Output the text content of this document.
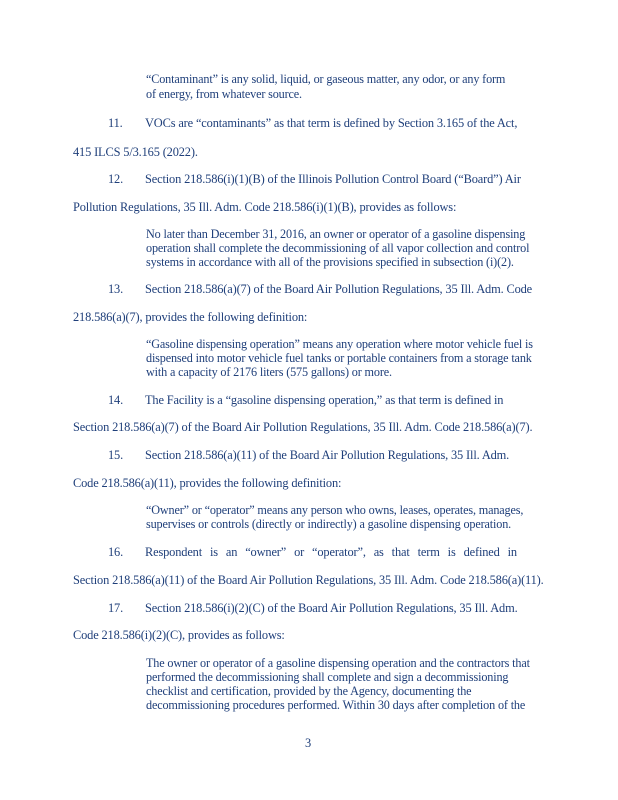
“Contaminant” is any solid, liquid, or gaseous matter, any odor, or any form
of energy, from whatever source.
11. VOCs are “contaminants” as that term is defined by Section 3.165 of the Act,
415 ILCS 5/3.165 (2022).
12. Section 218.586(i)(1)(B) of the Illinois Pollution Control Board (“Board”) Air
Pollution Regulations, 35 Ill. Adm. Code 218.586(i)(1)(B), provides as follows:
No later than December 31, 2016, an owner or operator of a gasoline dispensing
operation shall complete the decommissioning of all vapor collection and control
systems in accordance with all of the provisions specified in subsection (i)(2).
13. Section 218.586(a)(7) of the Board Air Pollution Regulations, 35 Ill. Adm. Code
218.586(a)(7), provides the following definition:
“Gasoline dispensing operation” means any operation where motor vehicle fuel is
dispensed into motor vehicle fuel tanks or portable containers from a storage tank
with a capacity of 2176 liters (575 gallons) or more.
14. The Facility is a “gasoline dispensing operation,” as that term is defined in
Section 218.586(a)(7) of the Board Air Pollution Regulations, 35 Ill. Adm. Code 218.586(a)(7).
15. Section 218.586(a)(11) of the Board Air Pollution Regulations, 35 Ill. Adm.
Code 218.586(a)(11), provides the following definition:
“Owner” or “operator” means any person who owns, leases, operates, manages,
supervises or controls (directly or indirectly) a gasoline dispensing operation.
16. Respondent is an “owner” or “operator”, as that term is defined in
Section 218.586(a)(11) of the Board Air Pollution Regulations, 35 Ill. Adm. Code 218.586(a)(11).
17. Section 218.586(i)(2)(C) of the Board Air Pollution Regulations, 35 Ill. Adm.
Code 218.586(i)(2)(C), provides as follows:
The owner or operator of a gasoline dispensing operation and the contractors that
performed the decommissioning shall complete and sign a decommissioning
checklist and certification, provided by the Agency, documenting the
decommissioning procedures performed. Within 30 days after completion of the
3
